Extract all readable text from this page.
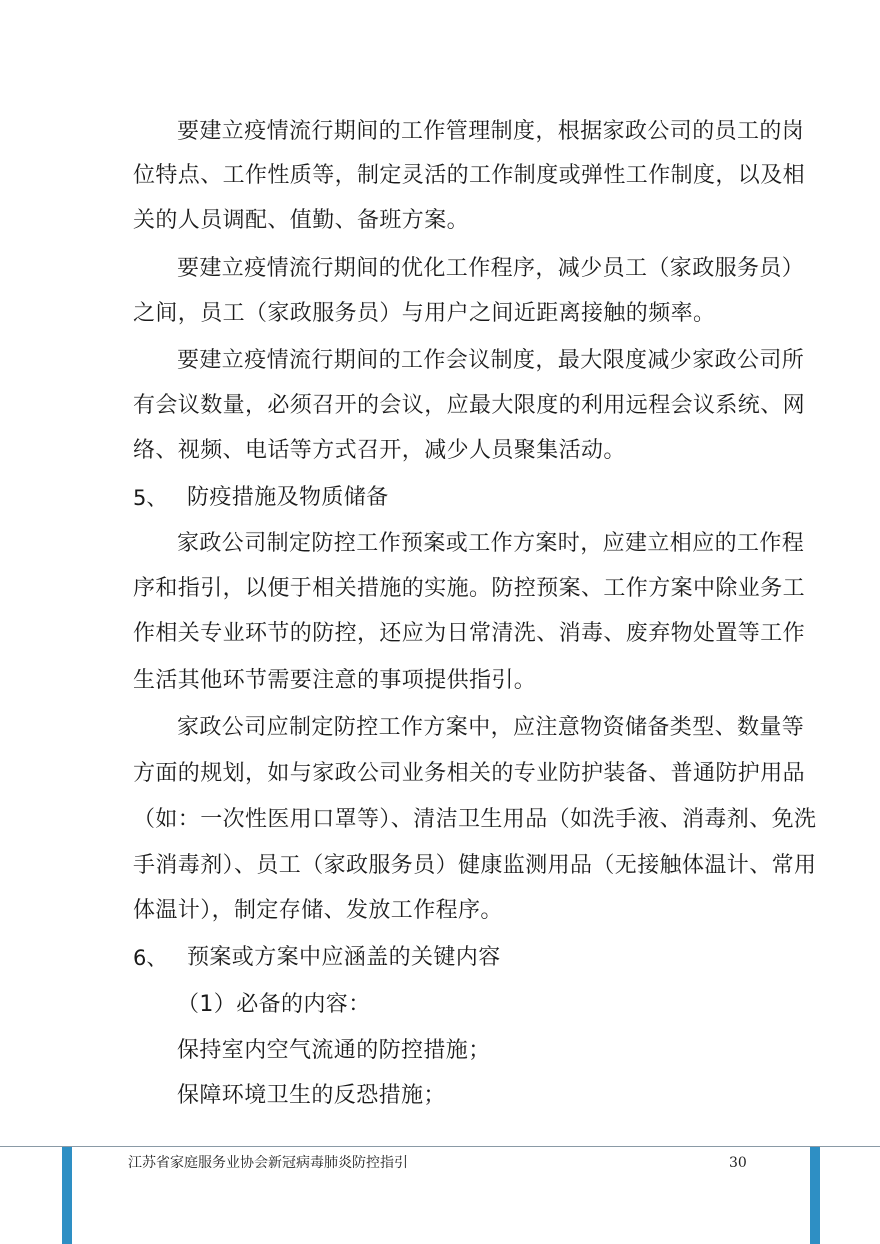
要建立疫情流行期间的工作管理制度，根据家政公司的员工的岗
位特点、工作性质等，制定灵活的工作制度或弹性工作制度，以及相
关的人员调配、值勤、备班方案。
要建立疫情流行期间的优化工作程序，减少员工（家政服务员）
之间，员工（家政服务员）与用户之间近距离接触的频率。
要建立疫情流行期间的工作会议制度，最大限度减少家政公司所
有会议数量，必须召开的会议，应最大限度的利用远程会议系统、网
络、视频、电话等方式召开，减少人员聚集活动。
5、 防疫措施及物质储备
家政公司制定防控工作预案或工作方案时，应建立相应的工作程
序和指引，以便于相关措施的实施。防控预案、工作方案中除业务工
作相关专业环节的防控，还应为日常清洗、消毒、废弃物处置等工作
生活其他环节需要注意的事项提供指引。
家政公司应制定防控工作方案中，应注意物资储备类型、数量等
方面的规划，如与家政公司业务相关的专业防护装备、普通防护用品
（如：一次性医用口罩等）、清洁卫生用品（如洗手液、消毒剂、免洗
手消毒剂）、员工（家政服务员）健康监测用品（无接触体温计、常用
体温计），制定存储、发放工作程序。
6、 预案或方案中应涵盖的关键内容
（1）必备的内容：
保持室内空气流通的防控措施；
保障环境卫生的反恐措施；
江苏省家庭服务业协会新冠病毒肺炎防控指引	30
